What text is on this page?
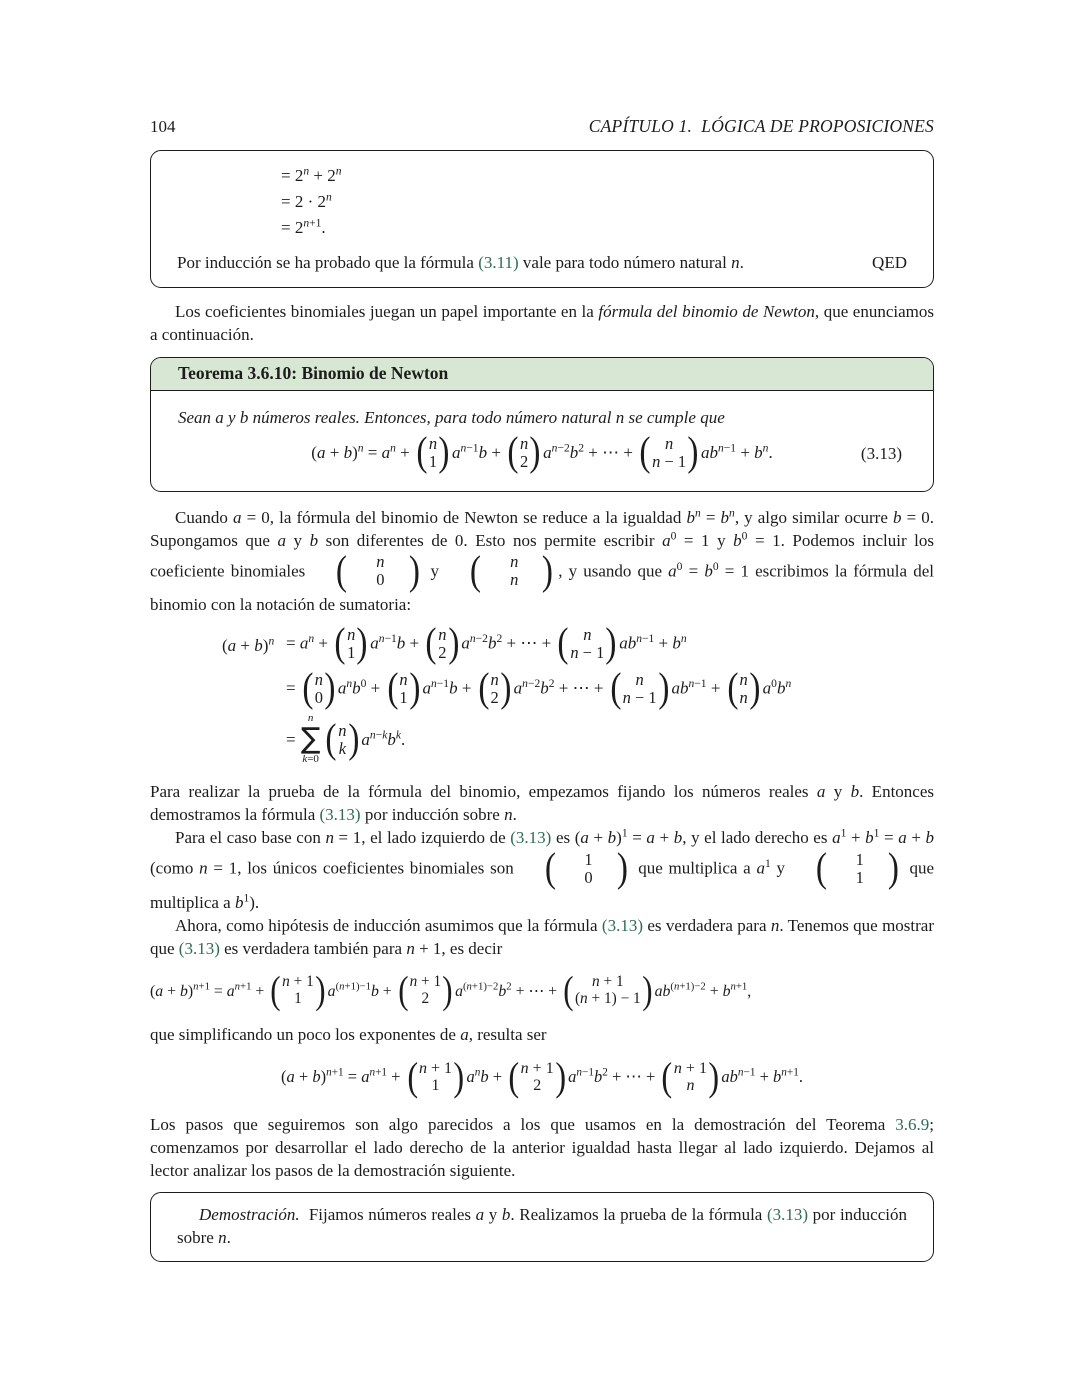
104	CAPÍTULO 1.  LÓGICA DE PROPOSICIONES
= $2^n + 2^n$
= $2 \cdot 2^n$
= $2^{n+1}$.
Por inducción se ha probado que la fórmula (3.11) vale para todo número natural n.	QED

Los coeficientes binomiales juegan un papel importante en la fórmula del binomio de Newton, que enunciamos a continuación.

Teorema 3.6.10: Binomio de Newton

Sean a y b números reales. Entonces, para todo número natural n se cumple que

$(a + b)^n = a^n$ + ( n
1 ) $a^{n-1}b$ + ( n
2 ) $a^{n-2}b^2$ + ⋯ + ( n
n − 1 ) $ab^{n-1} + b^n$.	(3.13)

Cuando a = 0, la fórmula del binomio de Newton se reduce a la igualdad $b^n = b^n$, y algo similar ocurre b = 0. Supongamos que a y b son diferentes de 0. Esto nos permite escribir $a^0 = 1$ y $b^0 = 1$. Podemos incluir los coeficiente binomiales (	n
0 ) y (	n
n ) , y usando que $a^0 = b^0 = 1$ escribimos la fórmula del binomio con la notación de sumatoria:

$(a + b)^n = a^n$ + ( n
1 ) $a^{n-1}b$ + ( n
2 ) $a^{n-2}b^2$ + ⋯ + ( n
n − 1 ) $ab^{n-1} + b^n$
= ( n
0 ) $a^nb^0$ + ( n
1 ) $a^{n-1}b$ + ( n
2 ) $a^{n-2}b^2$ + ⋯ + ( n
n − 1 ) $ab^{n-1}$ + ( n
n ) $a^0b^n$
=
n
∑
k=0 ( n
k ) $a^{n-k}b^k$.

Para realizar la prueba de la fórmula del binomio, empezamos fijando los números reales a y b. Entonces demostramos la fórmula (3.13) por inducción sobre n.

Para el caso base con n = 1, el lado izquierdo de (3.13) es $(a + b)^1 = a + b$, y el lado derecho es $a^1 + b^1 = a + b$ (como n = 1, los únicos coeficientes binomiales son (	1
0 ) que multiplica a $a^1$ y (	1
1 ) que multiplica a $b^1$).

Ahora, como hipótesis de inducción asumimos que la fórmula (3.13) es verdadera para n. Tenemos que mostrar que (3.13) es verdadera también para n + 1, es decir

$(a + b)^{n+1} = a^{n+1}$ + ( n + 1
1 ) $a^{(n+1)-1}b$ + ( n + 1
2 ) $a^{(n+1)-2}b^2$ + ⋯ + ( n + 1
(n + 1) − 1 ) $ab^{(n+1)-2} + b^{n+1}$,

que simplificando un poco los exponentes de a, resulta ser

$(a + b)^{n+1} = a^{n+1}$ + ( n + 1
1 ) $a^nb$ + ( n + 1
2 ) $a^{n-1}b^2$ + ⋯ + ( n + 1
n ) $ab^{n-1} + b^{n+1}$.

Los pasos que seguiremos son algo parecidos a los que usamos en la demostración del Teorema 3.6.9; comenzamos por desarrollar el lado derecho de la anterior igualdad hasta llegar al lado izquierdo. Dejamos al lector analizar los pasos de la demostración siguiente.

Demostración.  Fijamos números reales a y b. Realizamos la prueba de la fórmula (3.13) por inducción sobre n.
